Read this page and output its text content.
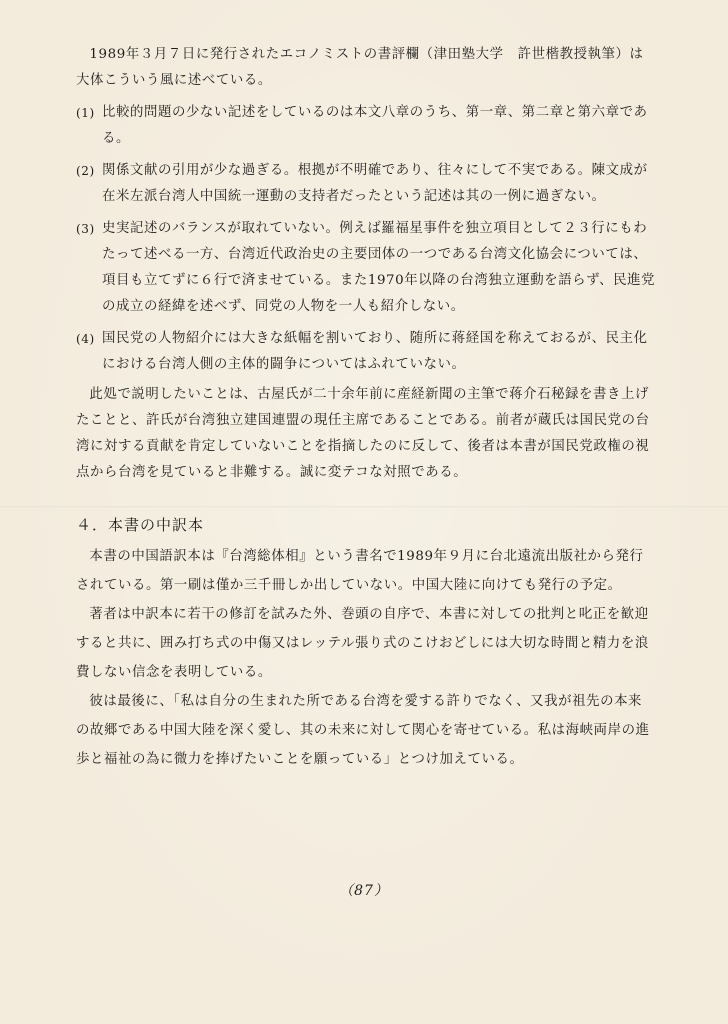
1989年３月７日に発行されたエコノミストの書評欄（津田塾大学　許世楷教授執筆）は大体こういう風に述べている。

(1) 比較的問題の少ない記述をしているのは本文八章のうち、第一章、第二章と第六章である。
(2) 関係文献の引用が少な過ぎる。根拠が不明確であり、往々にして不実である。陳文成が在米左派台湾人中国統一運動の支持者だったという記述は其の一例に過ぎない。
(3) 史実記述のバランスが取れていない。例えば羅福星事件を独立項目として２３行にもわたって述べる一方、台湾近代政治史の主要団体の一つである台湾文化協会については、項目も立てずに６行で済ませている。また1970年以降の台湾独立運動を語らず、民進党の成立の経緯を述べず、同党の人物を一人も紹介しない。
(4) 国民党の人物紹介には大きな紙幅を割いており、随所に蒋経国を称えておるが、民主化における台湾人側の主体的闘争についてはふれていない。

此処で説明したいことは、古屋氏が二十余年前に産経新聞の主筆で蒋介石秘録を書き上げたことと、許氏が台湾独立建国連盟の現任主席であることである。前者が蔵氏は国民党の台湾に対する貢献を肯定していないことを指摘したのに反して、後者は本書が国民党政権の視点から台湾を見ていると非難する。誠に変テコな対照である。

４．本書の中訳本

本書の中国語訳本は『台湾総体相』という書名で1989年９月に台北遠流出版社から発行されている。第一刷は僅か三千冊しか出していない。中国大陸に向けても発行の予定。

著者は中訳本に若干の修訂を試みた外、巻頭の自序で、本書に対しての批判と叱正を歓迎すると共に、囲み打ち式の中傷又はレッテル張り式のこけおどしには大切な時間と精力を浪費しない信念を表明している。

彼は最後に、「私は自分の生まれた所である台湾を愛する許りでなく、又我が祖先の本来の故郷である中国大陸を深く愛し、其の未来に対して関心を寄せている。私は海峡両岸の進歩と福祉の為に微力を捧げたいことを願っている」とつけ加えている。

（87）
